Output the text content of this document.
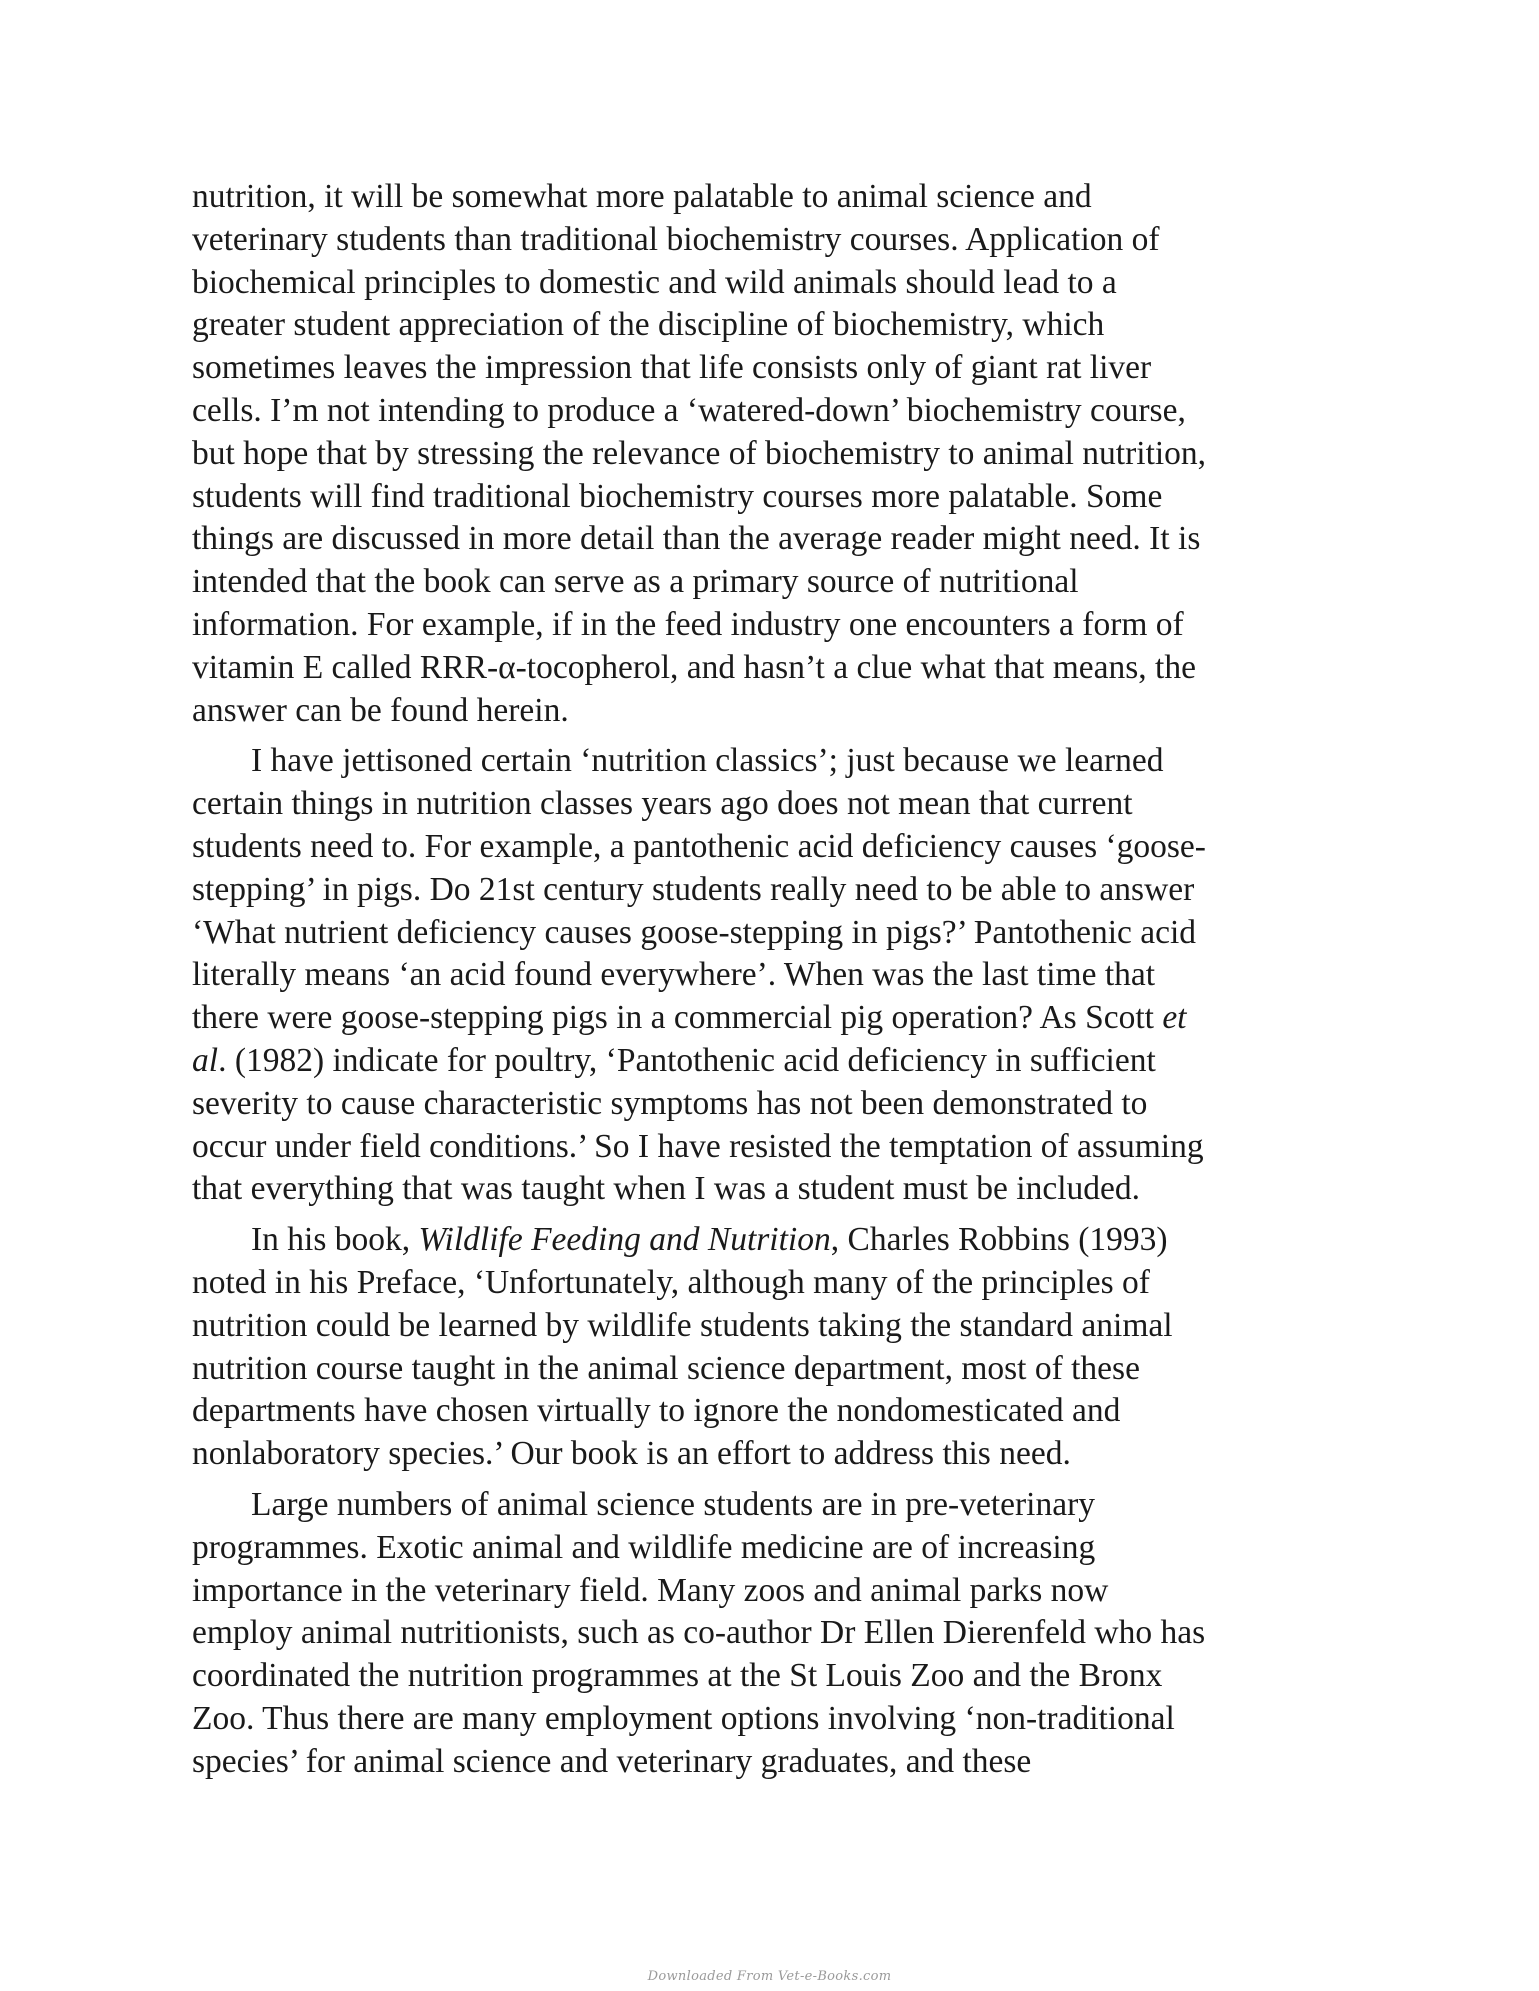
nutrition, it will be somewhat more palatable to animal science and
veterinary students than traditional biochemistry courses. Application of
biochemical principles to domestic and wild animals should lead to a
greater student appreciation of the discipline of biochemistry, which
sometimes leaves the impression that life consists only of giant rat liver
cells. I’m not intending to produce a ‘watered-down’ biochemistry course,
but hope that by stressing the relevance of biochemistry to animal nutrition,
students will find traditional biochemistry courses more palatable. Some
things are discussed in more detail than the average reader might need. It is
intended that the book can serve as a primary source of nutritional
information. For example, if in the feed industry one encounters a form of
vitamin E called RRR-α-tocopherol, and hasn’t a clue what that means, the
answer can be found herein.
I have jettisoned certain ‘nutrition classics’; just because we learned
certain things in nutrition classes years ago does not mean that current
students need to. For example, a pantothenic acid deficiency causes ‘goose-
stepping’ in pigs. Do 21st century students really need to be able to answer
‘What nutrient deficiency causes goose-stepping in pigs?’ Pantothenic acid
literally means ‘an acid found everywhere’. When was the last time that
there were goose-stepping pigs in a commercial pig operation? As Scott et
al. (1982) indicate for poultry, ‘Pantothenic acid deficiency in sufficient
severity to cause characteristic symptoms has not been demonstrated to
occur under field conditions.’ So I have resisted the temptation of assuming
that everything that was taught when I was a student must be included.
In his book, Wildlife Feeding and Nutrition, Charles Robbins (1993)
noted in his Preface, ‘Unfortunately, although many of the principles of
nutrition could be learned by wildlife students taking the standard animal
nutrition course taught in the animal science department, most of these
departments have chosen virtually to ignore the nondomesticated and
nonlaboratory species.’ Our book is an effort to address this need.
Large numbers of animal science students are in pre-veterinary
programmes. Exotic animal and wildlife medicine are of increasing
importance in the veterinary field. Many zoos and animal parks now
employ animal nutritionists, such as co-author Dr Ellen Dierenfeld who has
coordinated the nutrition programmes at the St Louis Zoo and the Bronx
Zoo. Thus there are many employment options involving ‘non-traditional
species’ for animal science and veterinary graduates, and these
Downloaded From Vet-e-Books.com
